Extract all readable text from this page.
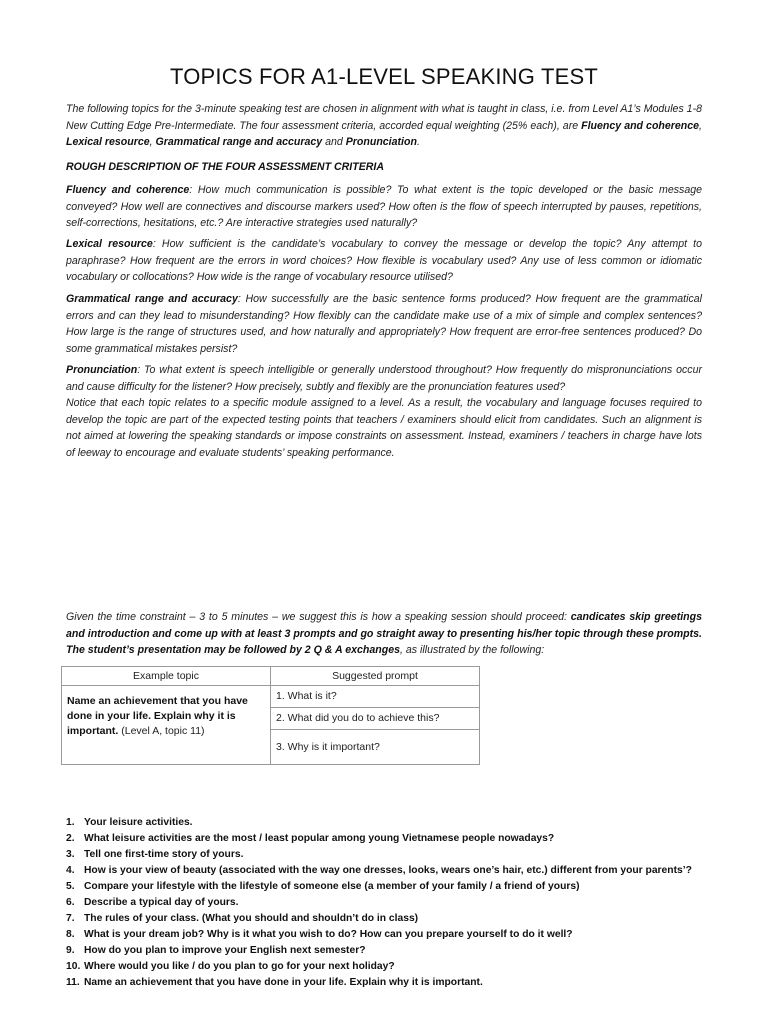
TOPICS FOR A1-LEVEL SPEAKING TEST
The following topics for the 3-minute speaking test are chosen in alignment with what is taught in class, i.e. from Level A1’s Modules 1-8 New Cutting Edge Pre-Intermediate. The four assessment criteria, accorded equal weighting (25% each), are Fluency and coherence, Lexical resource, Grammatical range and accuracy and Pronunciation.
ROUGH DESCRIPTION OF THE FOUR ASSESSMENT CRITERIA
Fluency and coherence: How much communication is possible? To what extent is the topic developed or the basic message conveyed? How well are connectives and discourse markers used? How often is the flow of speech interrupted by pauses, repetitions, self-corrections, hesitations, etc.? Are interactive strategies used naturally?
Lexical resource: How sufficient is the candidate’s vocabulary to convey the message or develop the topic? Any attempt to paraphrase? How frequent are the errors in word choices? How flexible is vocabulary used? Any use of less common or idiomatic vocabulary or collocations? How wide is the range of vocabulary resource utilised?
Grammatical range and accuracy: How successfully are the basic sentence forms produced? How frequent are the grammatical errors and can they lead to misunderstanding? How flexibly can the candidate make use of a mix of simple and complex sentences? How large is the range of structures used, and how naturally and appropriately? How frequent are error-free sentences produced? Do some grammatical mistakes persist?
Pronunciation: To what extent is speech intelligible or generally understood throughout? How frequently do mispronunciations occur and cause difficulty for the listener? How precisely, subtly and flexibly are the pronunciation features used?
Notice that each topic relates to a specific module assigned to a level. As a result, the vocabulary and language focuses required to develop the topic are part of the expected testing points that teachers / examiners should elicit from candidates. Such an alignment is not aimed at lowering the speaking standards or impose constraints on assessment. Instead, examiners / teachers in charge have lots of leeway to encourage and evaluate students’ speaking performance.
Given the time constraint – 3 to 5 minutes – we suggest this is how a speaking session should proceed: candicates skip greetings and introduction and come up with at least 3 prompts and go straight away to presenting his/her topic through these prompts. The student’s presentation may be followed by 2 Q & A exchanges, as illustrated by the following:
Example topic	Suggested prompt
Name an achievement that you have done in your life. Explain why it is important. (Level A, topic 11)	1. What is it?
	2. What did you do to achieve this?
	3. Why is it important?
1. Your leisure activities.
2. What leisure activities are the most / least popular among young Vietnamese people nowadays?
3. Tell one first-time story of yours.
4. How is your view of beauty (associated with the way one dresses, looks, wears one’s hair, etc.) different from your parents’?
5. Compare your lifestyle with the lifestyle of someone else (a member of your family / a friend of yours)
6. Describe a typical day of yours.
7. The rules of your class. (What you should and shouldn’t do in class)
8. What is your dream job? Why is it what you wish to do? How can you prepare yourself to do it well?
9. How do you plan to improve your English next semester?
10. Where would you like / do you plan to go for your next holiday?
11. Name an achievement that you have done in your life. Explain why it is important.
